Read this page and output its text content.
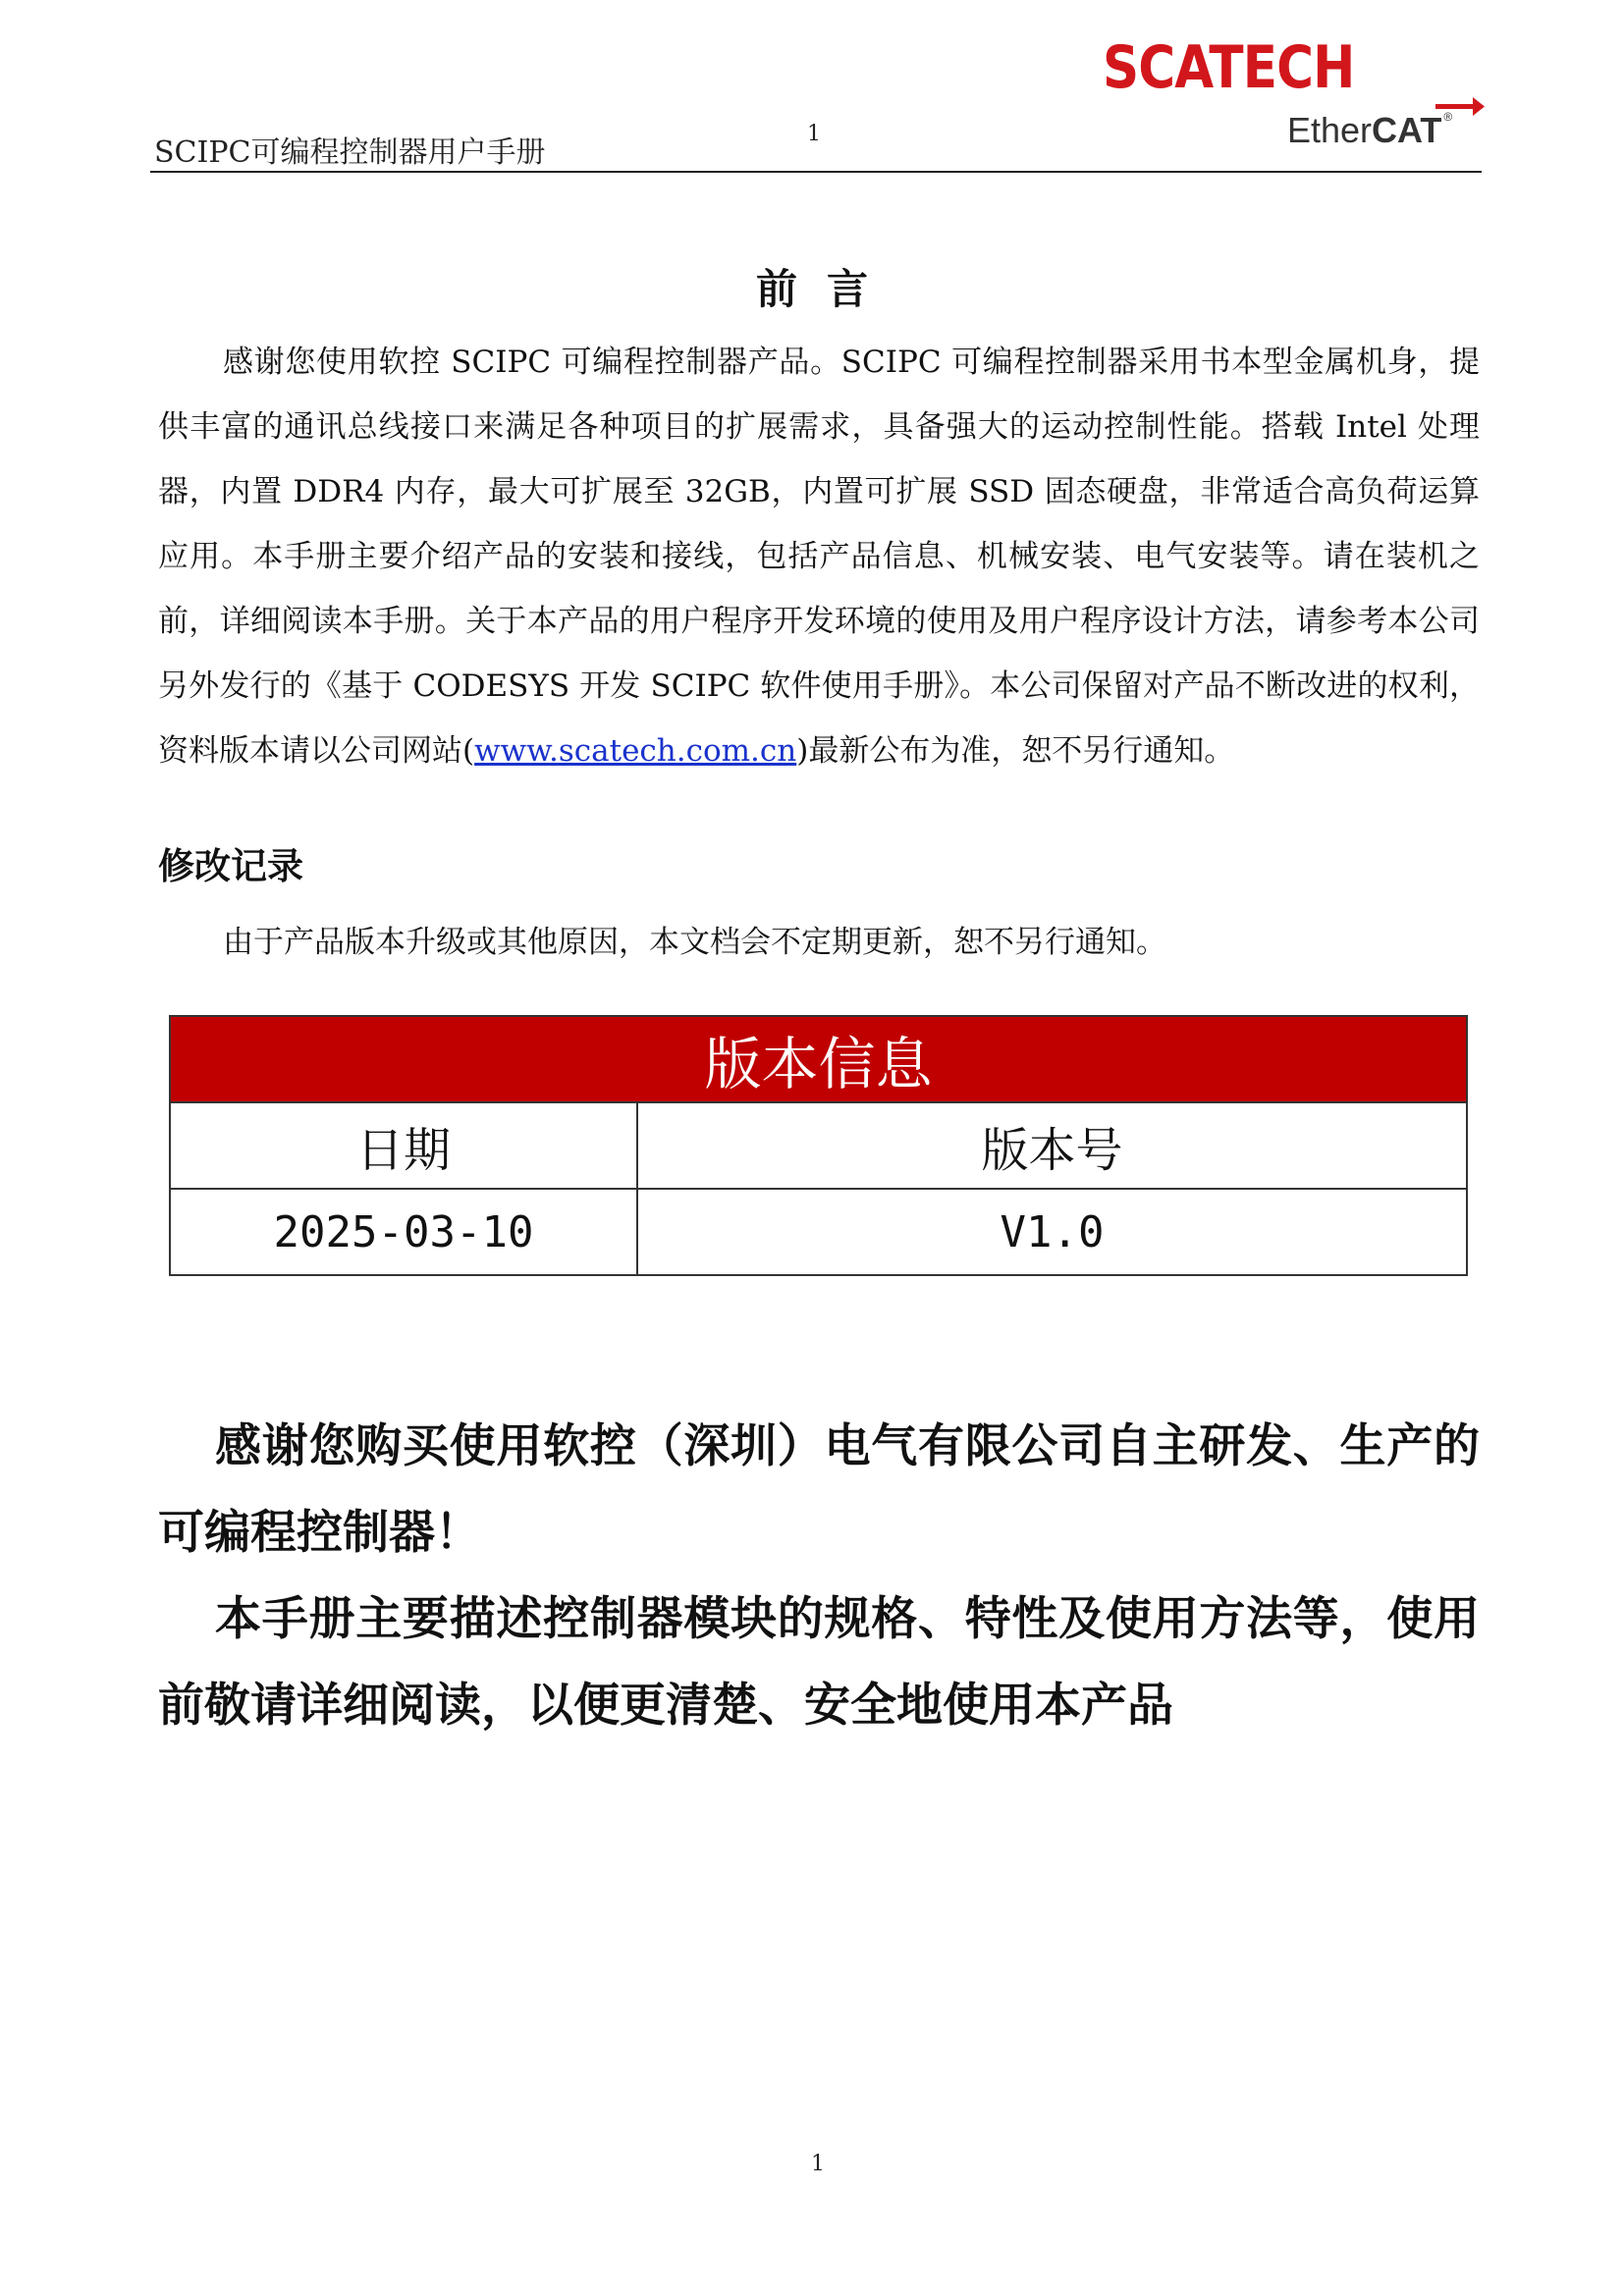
SCIPC可编程控制器用户手册
1
SCATECH
EtherCAT ®
前言
感谢您使用软控 SCIPC 可编程控制器产品。SCIPC 可编程控制器采用书本型金属机身，提供丰富的通讯总线接口来满足各种项目的扩展需求，具备强大的运动控制性能。搭载 Intel 处理器，内置 DDR4 内存，最大可扩展至 32GB，内置可扩展 SSD 固态硬盘，非常适合高负荷运算应用。本手册主要介绍产品的安装和接线，包括产品信息、机械安装、电气安装等。请在装机之前，详细阅读本手册。关于本产品的用户程序开发环境的使用及用户程序设计方法，请参考本公司另外发行的《基于 CODESYS 开发 SCIPC 软件使用手册》。本公司保留对产品不断改进的权利，资料版本请以公司网站(www.scatech.com.cn)最新公布为准，恕不另行通知。
修改记录
由于产品版本升级或其他原因，本文档会不定期更新，恕不另行通知。
版本信息	
日期	版本号
2025-03-10	V1.0

感谢您购买使用软控（深圳）电气有限公司自主研发、生产的 可编程控制器！

本手册主要描述控制器模块的规格、特性及使用方法等，使用前敬请详细阅读，以便更清楚、安全地使用本产品

1
